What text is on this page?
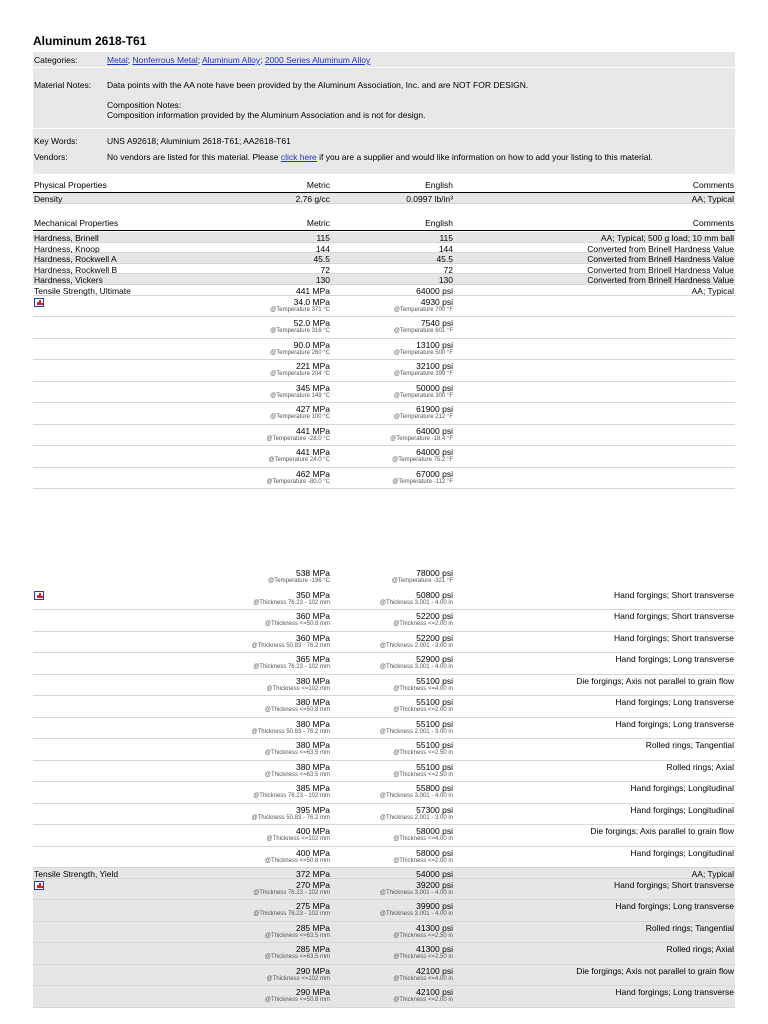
Aluminum 2618-T61
Categories:	Metal; Nonferrous Metal; Aluminum Alloy; 2000 Series Aluminum Alloy
Material Notes: Data points with the AA note have been provided by the Aluminum Association, Inc. and are NOT FOR DESIGN.
Composition Notes:
Composition information provided by the Aluminum Association and is not for design.
Key Words:	UNS A92618; Aluminium 2618-T61; AA2618-T61
Vendors:	No vendors are listed for this material. Please click here if you are a supplier and would like information on how to add your listing to this material.
Physical Properties	Metric	English	Comments
Density	2.76 g/cc	0.0997 lb/in³	AA; Typical
Mechanical Properties	Metric	English	Comments
Hardness, Brinell	115	115	AA; Typical; 500 g load; 10 mm ball
Hardness, Knoop	144	144	Converted from Brinell Hardness Value
Hardness, Rockwell A	45.5	45.5	Converted from Brinell Hardness Value
Hardness, Rockwell B	72	72	Converted from Brinell Hardness Value
Hardness, Vickers	130	130	Converted from Brinell Hardness Value
Tensile Strength, Ultimate	441 MPa	64000 psi	AA; Typical
34.0 MPa	4930 psi
@Temperature 371 °C	@Temperature 700 °F
52.0 MPa	7540 psi
@Temperature 316 °C	@Temperature 601 °F
90.0 MPa	13100 psi
@Temperature 260 °C	@Temperature 500 °F
221 MPa	32100 psi
@Temperature 204 °C	@Temperature 399 °F
345 MPa	50000 psi
@Temperature 149 °C	@Temperature 300 °F
427 MPa	61900 psi
@Temperature 100 °C	@Temperature 212 °F
441 MPa	64000 psi
@Temperature -28.0 °C	@Temperature -18.4 °F
441 MPa	64000 psi
@Temperature 24.0 °C	@Temperature 75.2 °F
462 MPa	67000 psi
@Temperature -80.0 °C	@Temperature -112 °F
538 MPa	78000 psi
@Temperature -196 °C	@Temperature -321 °F
350 MPa	50800 psi	Hand forgings; Short transverse
@Thickness 76.23 - 102 mm	@Thickness 3.001 - 4.00 in
360 MPa	52200 psi	Hand forgings; Short transverse
@Thickness <=50.8 mm	@Thickness <=2.00 in
360 MPa	52200 psi	Hand forgings; Short transverse
@Thickness 50.83 - 76.2 mm	@Thickness 2.001 - 3.00 in
365 MPa	52900 psi	Hand forgings; Long transverse
@Thickness 76.23 - 102 mm	@Thickness 3.001 - 4.00 in
380 MPa	55100 psi	Die forgings; Axis not parallel to grain flow
@Thickness <=102 mm	@Thickness <=4.00 in
380 MPa	55100 psi	Hand forgings; Long transverse
@Thickness <=50.8 mm	@Thickness <=2.00 in
380 MPa	55100 psi	Hand forgings; Long transverse
@Thickness 50.83 - 76.2 mm	@Thickness 2.001 - 3.00 in
380 MPa	55100 psi	Rolled rings; Tangential
@Thickness <=63.5 mm	@Thickness <=2.50 in
380 MPa	55100 psi	Rolled rings; Axial
@Thickness <=63.5 mm	@Thickness <=2.50 in
385 MPa	55800 psi	Hand forgings; Longitudinal
@Thickness 76.23 - 102 mm	@Thickness 3.001 - 4.00 in
395 MPa	57300 psi	Hand forgings; Longitudinal
@Thickness 50.83 - 76.2 mm	@Thickness 2.001 - 3.00 in
400 MPa	58000 psi	Die forgings; Axis parallel to grain flow
@Thickness <=102 mm	@Thickness <=4.00 in
400 MPa	58000 psi	Hand forgings; Longitudinal
@Thickness <=50.8 mm	@Thickness <=2.00 in
Tensile Strength, Yield	372 MPa	54000 psi	AA; Typical
270 MPa	39200 psi	Hand forgings; Short transverse
@Thickness 76.23 - 102 mm	@Thickness 3.001 - 4.00 in
275 MPa	39900 psi	Hand forgings; Long transverse
@Thickness 76.23 - 102 mm	@Thickness 3.001 - 4.00 in
285 MPa	41300 psi	Rolled rings; Tangential
@Thickness <=63.5 mm	@Thickness <=2.50 in
285 MPa	41300 psi	Rolled rings; Axial
@Thickness <=63.5 mm	@Thickness <=2.50 in
290 MPa	42100 psi	Die forgings; Axis not parallel to grain flow
@Thickness <=102 mm	@Thickness <=4.00 in
290 MPa	42100 psi	Hand forgings; Long transverse
@Thickness <=50.8 mm	@Thickness <=2.00 in
